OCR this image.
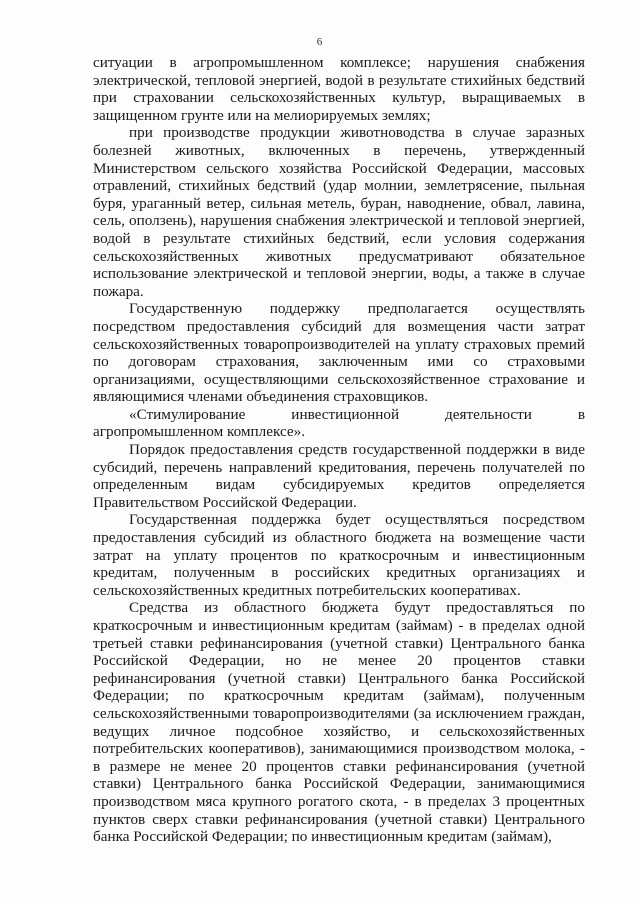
6

ситуации в агропромышленном комплексе; нарушения снабжения электрической, тепловой энергией, водой в результате стихийных бедствий при страховании сельскохозяйственных культур, выращиваемых в защищенном грунте или на мелиорируемых землях;

при производстве продукции животноводства в случае заразных болезней животных, включенных в перечень, утвержденный Министерством сельского хозяйства Российской Федерации, массовых отравлений, стихийных бедствий (удар молнии, землетрясение, пыльная буря, ураганный ветер, сильная метель, буран, наводнение, обвал, лавина, сель, оползень), нарушения снабжения электрической и тепловой энергией, водой в результате стихийных бедствий, если условия содержания сельскохозяйственных животных предусматривают обязательное использование электрической и тепловой энергии, воды, а также в случае пожара.

Государственную поддержку предполагается осуществлять посредством предоставления субсидий для возмещения части затрат сельскохозяйственных товаропроизводителей на уплату страховых премий по договорам страхования, заключенным ими со страховыми организациями, осуществляющими сельскохозяйственное страхование и являющимися членами объединения страховщиков.

«Стимулирование инвестиционной деятельности в агропромышленном комплексе».

Порядок предоставления средств государственной поддержки в виде субсидий, перечень направлений кредитования, перечень получателей по определенным видам субсидируемых кредитов определяется Правительством Российской Федерации.

Государственная поддержка будет осуществляться посредством предоставления субсидий из областного бюджета на возмещение части затрат на уплату процентов по краткосрочным и инвестиционным кредитам, полученным в российских кредитных организациях и сельскохозяйственных кредитных потребительских кооперативах.

Средства из областного бюджета будут предоставляться по краткосрочным и инвестиционным кредитам (займам) - в пределах одной третьей ставки рефинансирования (учетной ставки) Центрального банка Российской Федерации, но не менее 20 процентов ставки рефинансирования (учетной ставки) Центрального банка Российской Федерации; по краткосрочным кредитам (займам), полученным сельскохозяйственными товаропроизводителями (за исключением граждан, ведущих личное подсобное хозяйство, и сельскохозяйственных потребительских кооперативов), занимающимися производством молока, - в размере не менее 20 процентов ставки рефинансирования (учетной ставки) Центрального банка Российской Федерации, занимающимися производством мяса крупного рогатого скота, - в пределах 3 процентных пунктов сверх ставки рефинансирования (учетной ставки) Центрального банка Российской Федерации; по инвестиционным кредитам (займам),
